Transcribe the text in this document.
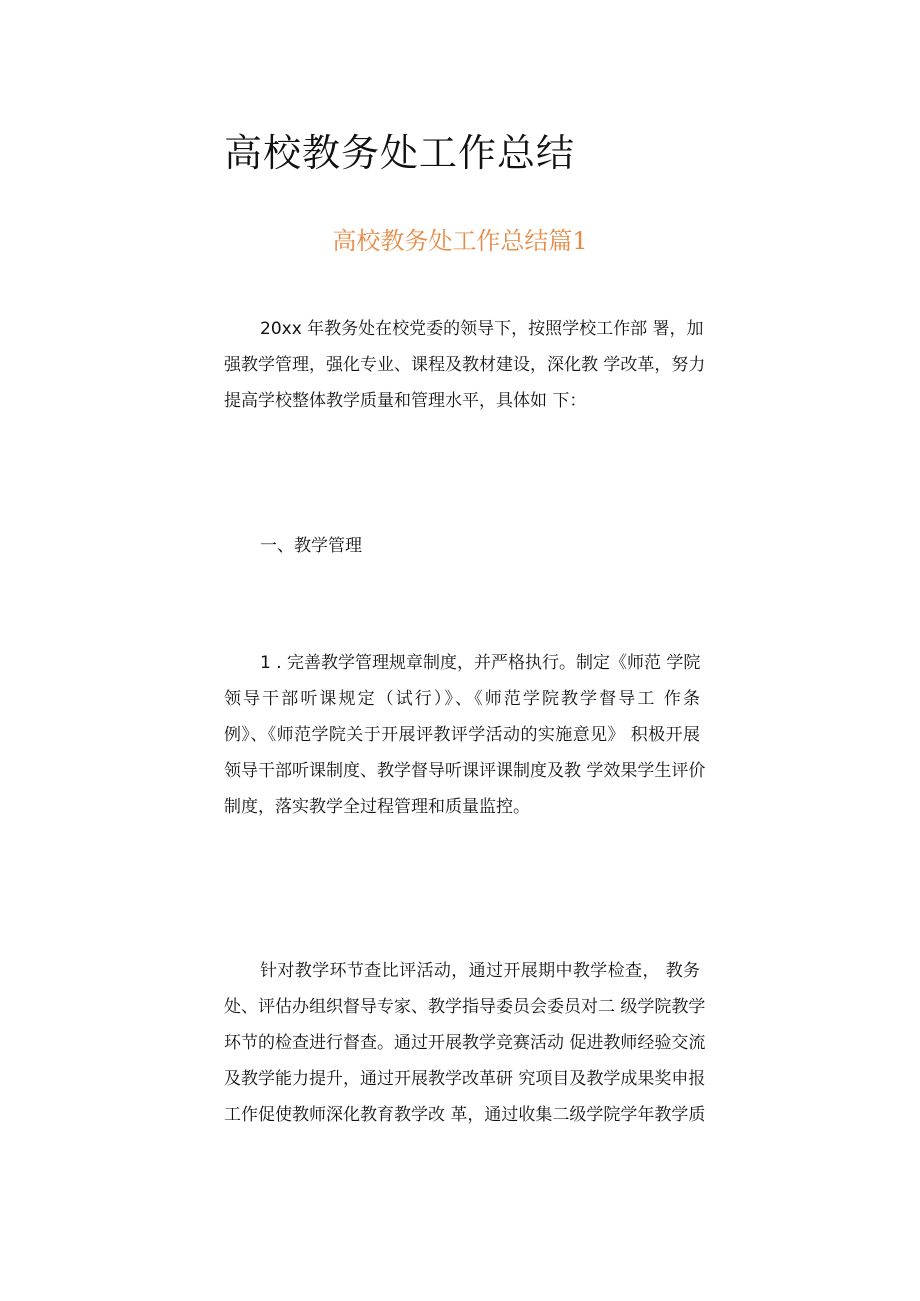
高校教务处工作总结
高校教务处工作总结篇1
20xx 年教务处在校党委的领导下，按照学校工作部 署，加
强教学管理，强化专业、课程及教材建设，深化教 学改革，努力
提高学校整体教学质量和管理水平，具体如 下：
一、教学管理
1 . 完善教学管理规章制度，并严格执行。制定《师范 学院
领导干部听课规定（试行）》、《师范学院教学督导工 作条
例》、《师范学院关于开展评教评学活动的实施意见》 积极开展
领导干部听课制度、教学督导听课评课制度及教 学效果学生评价
制度，落实教学全过程管理和质量监控。
针对教学环节查比评活动，通过开展期中教学检查， 教务
处、评估办组织督导专家、教学指导委员会委员对二 级学院教学
环节的检查进行督查。通过开展教学竞赛活动 促进教师经验交流
及教学能力提升，通过开展教学改革研 究项目及教学成果奖申报
工作促使教师深化教育教学改 革，通过收集二级学院学年教学质
